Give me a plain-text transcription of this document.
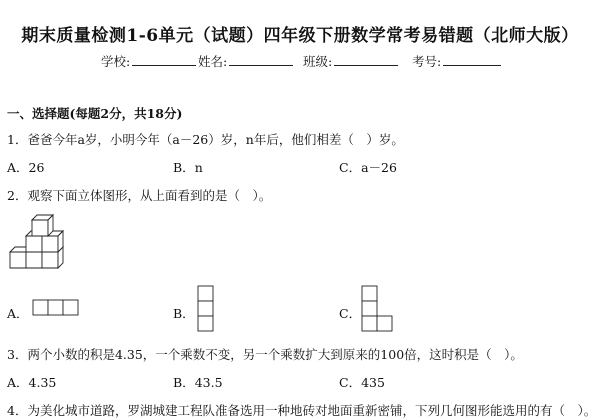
期末质量检测1-6单元（试题）四年级下册数学常考易错题（北师大版）
学校:	姓名:	班级:	考号:
一、选择题(每题2分，共18分)
1．爸爸今年a岁，小明今年（a－26）岁，n年后，他们相差（　）岁。
A．26	B．n	C．a－26
2．观察下面立体图形，从上面看到的是（　）。
A．	B．	C．
3．两个小数的积是4.35，一个乘数不变，另一个乘数扩大到原来的100倍，这时积是（　）。
A．4.35	B．43.5	C．435
4．为美化城市道路，罗湖城建工程队准备选用一种地砖对地面重新密铺，下列几何图形能选用的有（　）。
